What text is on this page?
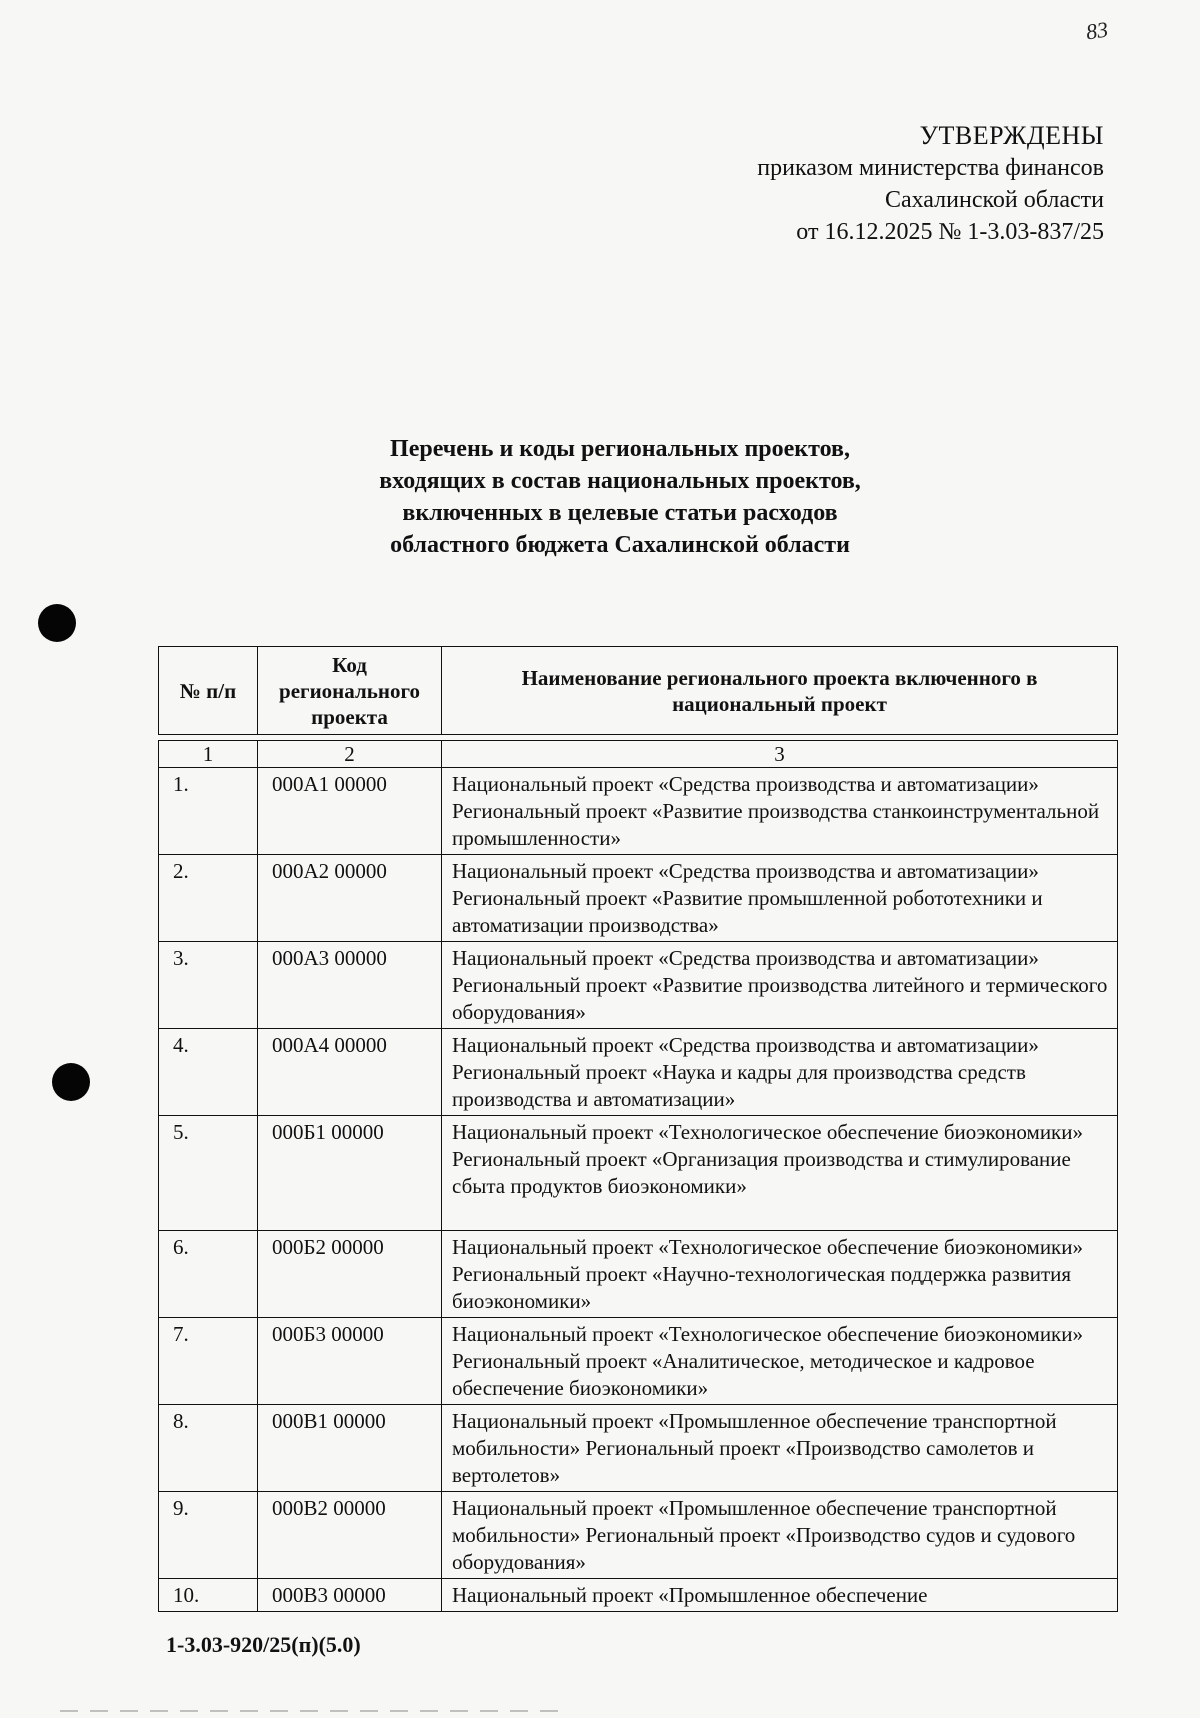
83
УТВЕРЖДЕНЫ
приказом министерства финансов
Сахалинской области
от 16.12.2025 № 1-3.03-837/25
Перечень и коды региональных проектов,
входящих в состав национальных проектов,
включенных в целевые статьи расходов
областного бюджета Сахалинской области
№ п/п	Код регионального проекта	Наименование регионального проекта включенного в национальный проект
1	2	3
1.	000А1 00000	Национальный проект «Средства производства и автоматизации» Региональный проект «Развитие производства станкоинструментальной промышленности»
2.	000А2 00000	Национальный проект «Средства производства и автоматизации» Региональный проект «Развитие промышленной робототехники и автоматизации производства»
3.	000А3 00000	Национальный проект «Средства производства и автоматизации» Региональный проект «Развитие производства литейного и термического оборудования»
4.	000А4 00000	Национальный проект «Средства производства и автоматизации» Региональный проект «Наука и кадры для производства средств производства и автоматизации»
5.	000Б1 00000	Национальный проект «Технологическое обеспечение биоэкономики» Региональный проект «Организация производства и стимулирование сбыта продуктов биоэкономики»
6.	000Б2 00000	Национальный проект «Технологическое обеспечение биоэкономики» Региональный проект «Научно-технологическая поддержка развития биоэкономики»
7.	000Б3 00000	Национальный проект «Технологическое обеспечение биоэкономики» Региональный проект «Аналитическое, методическое и кадровое обеспечение биоэкономики»
8.	000В1 00000	Национальный проект «Промышленное обеспечение транспортной мобильности» Региональный проект «Производство самолетов и вертолетов»
9.	000В2 00000	Национальный проект «Промышленное обеспечение транспортной мобильности» Региональный проект «Производство судов и судового оборудования»
10.	000В3 00000	Национальный проект «Промышленное обеспечение
1-3.03-920/25(п)(5.0)
